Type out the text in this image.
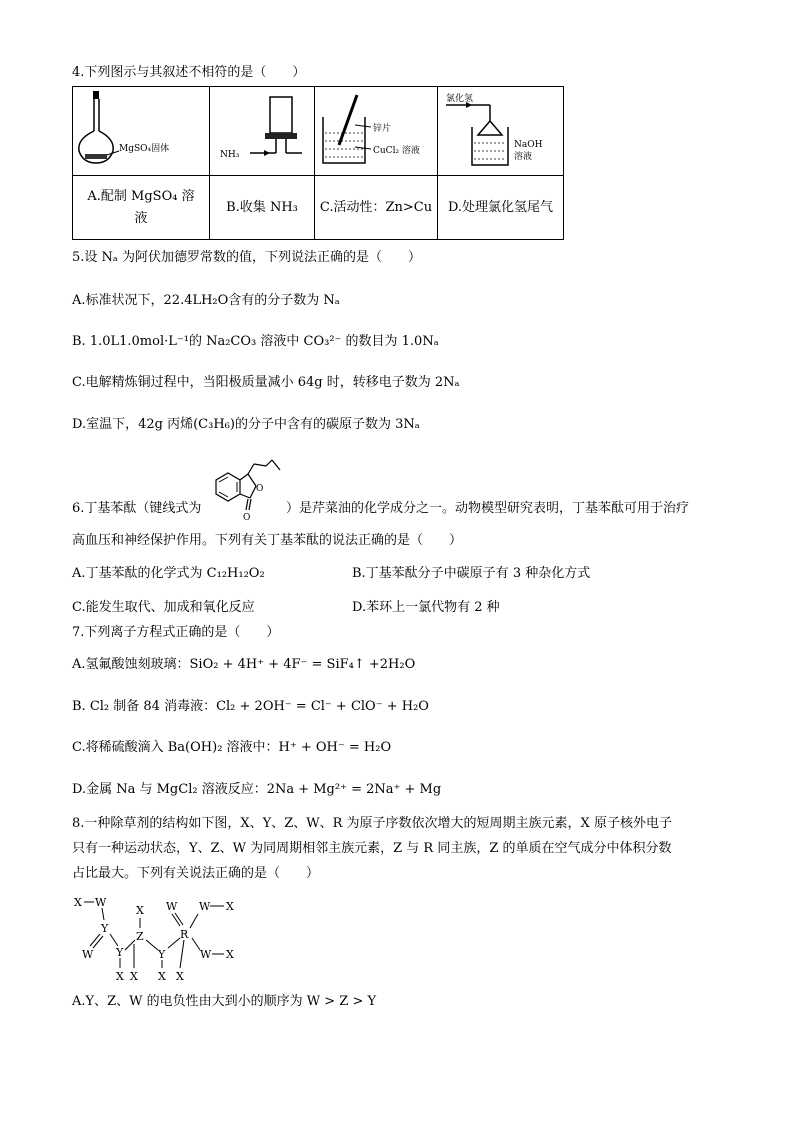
4.下列图示与其叙述不相符的是（　　）
MgSO₄固体	NH₃	锌片
CuCl₂ 溶液	氯化氢
NaOH
溶液

A.配制 MgSO₄ 溶
液	B.收集 NH₃	C.活动性：Zn>Cu	D.处理氯化氢尾气
5.设 Nₐ 为阿伏加德罗常数的值，下列说法正确的是（　　）
A.标准状况下，22.4LH₂O含有的分子数为 Nₐ
B. 1.0L1.0mol·L⁻¹的 Na₂CO₃ 溶液中 CO₃²⁻ 的数目为 1.0Nₐ
C.电解精炼铜过程中，当阳极质量减小 64g 时，转移电子数为 2Nₐ
D.室温下，42g 丙烯(C₃H₆)的分子中含有的碳原子数为 3Nₐ
O
O
6.丁基苯酞（键线式为	）是芹菜油的化学成分之一。动物模型研究表明，丁基苯酞可用于治疗
高血压和神经保护作用。下列有关丁基苯酞的说法正确的是（　　）
A.丁基苯酞的化学式为 C₁₂H₁₂O₂	B.丁基苯酞分子中碳原子有 3 种杂化方式
C.能发生取代、加成和氧化反应	D.苯环上一氯代物有 2 种
7.下列离子方程式正确的是（　　）
A.氢氟酸蚀刻玻璃：SiO₂ + 4H⁺ + 4F⁻ = SiF₄↑ +2H₂O
B. Cl₂ 制备 84 消毒液：Cl₂ + 2OH⁻ = Cl⁻ + ClO⁻ + H₂O
C.将稀硫酸滴入 Ba(OH)₂ 溶液中：H⁺ + OH⁻ = H₂O
D.金属 Na 与 MgCl₂ 溶液反应：2Na + Mg²⁺ = 2Na⁺ + Mg
8.一种除草剂的结构如下图，X、Y、Z、W、R 为原子序数依次增大的短周期主族元素，X 原子核外电子
只有一种运动状态，Y、Z、W 为同周期相邻主族元素，Z 与 R 同主族，Z 的单质在空气成分中体积分数
占比最大。下列有关说法正确的是（　　）
X W
Y
W Y
X
Z
X
X
Y
X
R
W W X
W X
X
A.Y、Z、W 的电负性由大到小的顺序为 W > Z > Y
